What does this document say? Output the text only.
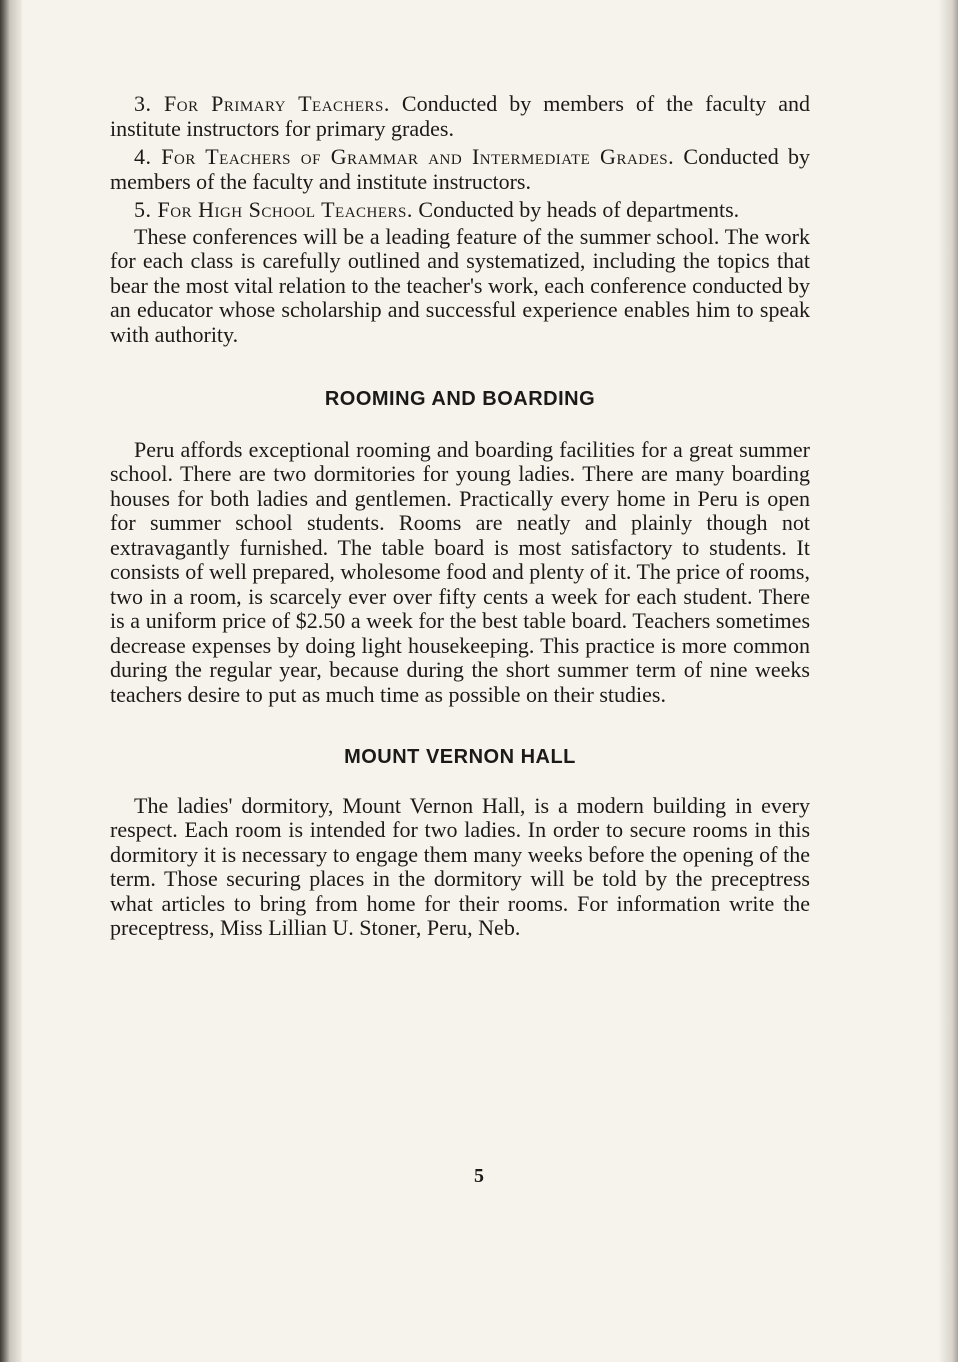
3. For Primary Teachers. Conducted by members of the faculty and institute instructors for primary grades.

4. For Teachers of Grammar and Intermediate Grades. Conducted by members of the faculty and institute instructors.

5. For High School Teachers. Conducted by heads of departments.

These conferences will be a leading feature of the summer school. The work for each class is carefully outlined and systematized, including the topics that bear the most vital relation to the teacher's work, each conference conducted by an educator whose scholarship and successful experience enables him to speak with authority.

ROOMING AND BOARDING

Peru affords exceptional rooming and boarding facilities for a great summer school. There are two dormitories for young ladies. There are many boarding houses for both ladies and gentlemen. Practically every home in Peru is open for summer school students. Rooms are neatly and plainly though not extravagantly furnished. The table board is most satisfactory to students. It consists of well prepared, wholesome food and plenty of it. The price of rooms, two in a room, is scarcely ever over fifty cents a week for each student. There is a uniform price of $2.50 a week for the best table board. Teachers sometimes decrease expenses by doing light housekeeping. This practice is more common during the regular year, because during the short summer term of nine weeks teachers desire to put as much time as possible on their studies.

MOUNT VERNON HALL

The ladies' dormitory, Mount Vernon Hall, is a modern building in every respect. Each room is intended for two ladies. In order to secure rooms in this dormitory it is necessary to engage them many weeks before the opening of the term. Those securing places in the dormitory will be told by the preceptress what articles to bring from home for their rooms. For information write the preceptress, Miss Lillian U. Stoner, Peru, Neb.

5
